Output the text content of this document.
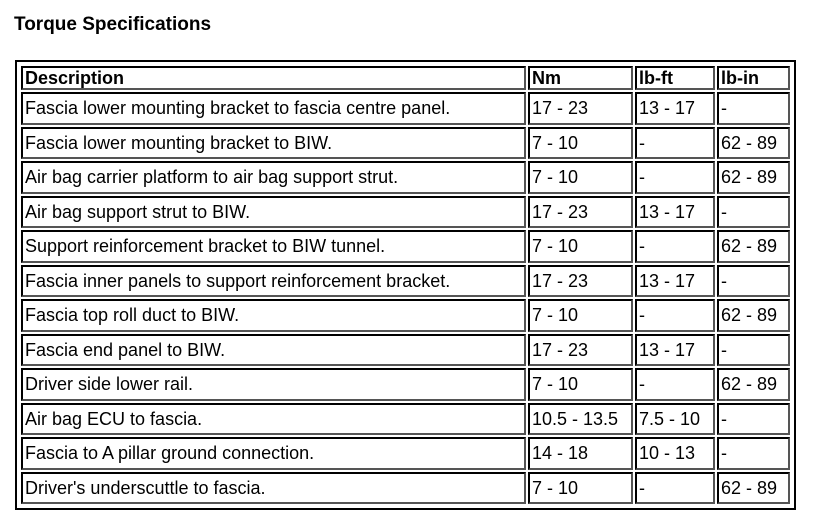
Torque Specifications
Description	Nm	lb-ft	lb-in
Fascia lower mounting bracket to fascia centre panel.	17 - 23	13 - 17	-
Fascia lower mounting bracket to BIW.	7 - 10	-	62 - 89
Air bag carrier platform to air bag support strut.	7 - 10	-	62 - 89
Air bag support strut to BIW.	17 - 23	13 - 17	-
Support reinforcement bracket to BIW tunnel.	7 - 10	-	62 - 89
Fascia inner panels to support reinforcement bracket.	17 - 23	13 - 17	-
Fascia top roll duct to BIW.	7 - 10	-	62 - 89
Fascia end panel to BIW.	17 - 23	13 - 17	-
Driver side lower rail.	7 - 10	-	62 - 89
Air bag ECU to fascia.	10.5 - 13.5	7.5 - 10	-
Fascia to A pillar ground connection.	14 - 18	10 - 13	-
Driver's underscuttle to fascia.	7 - 10	-	62 - 89
